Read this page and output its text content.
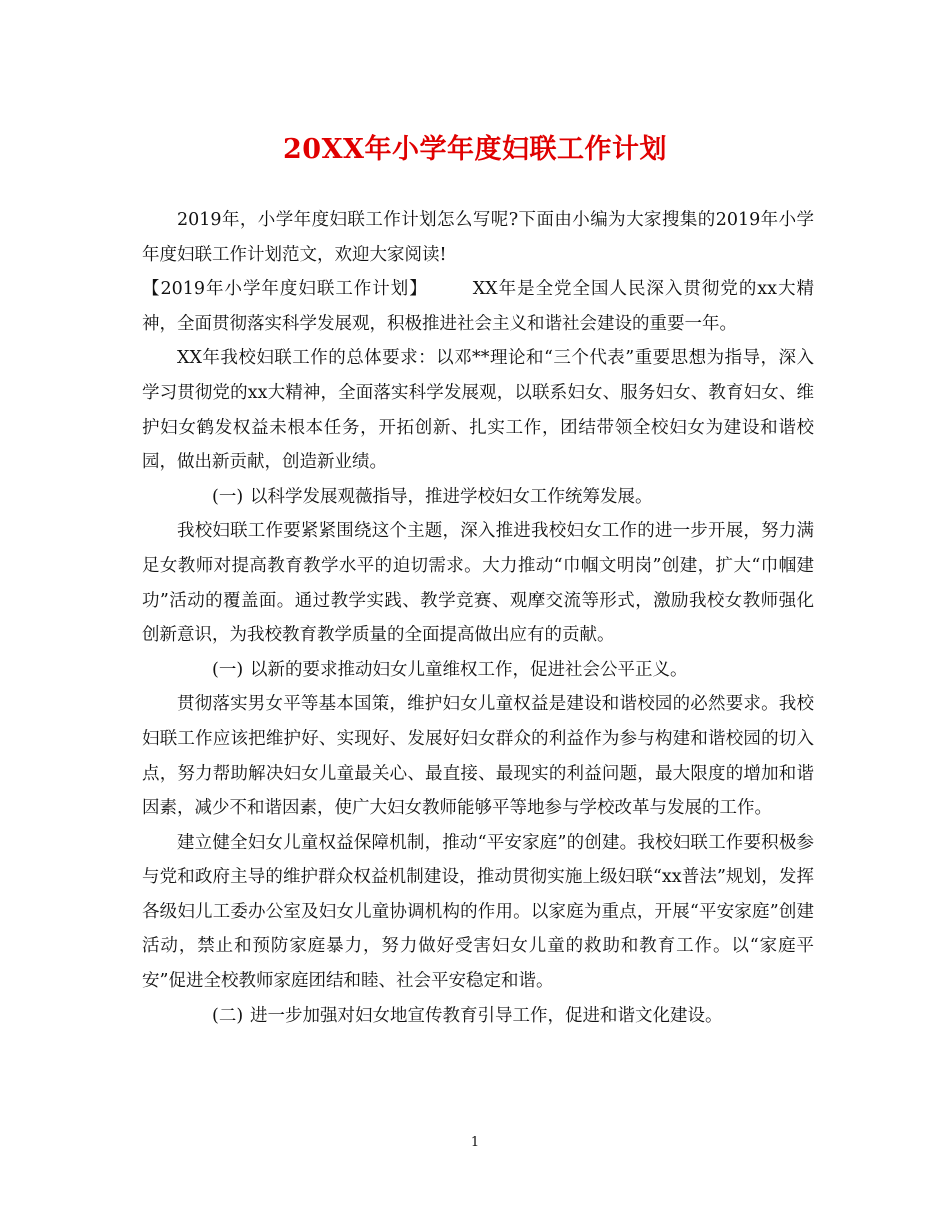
20XX年小学年度妇联工作计划

2019年，小学年度妇联工作计划怎么写呢?下面由小编为大家搜集的2019年小学年度妇联工作计划范文，欢迎大家阅读!

【2019年小学年度妇联工作计划】	XX年是全党全国人民深入贯彻党的xx大精神，全面贯彻落实科学发展观，积极推进社会主义和谐社会建设的重要一年。

XX年我校妇联工作的总体要求：以邓**理论和“三个代表”重要思想为指导，深入学习贯彻党的xx大精神，全面落实科学发展观，以联系妇女、服务妇女、教育妇女、维护妇女鹤发权益未根本任务，开拓创新、扎实工作，团结带领全校妇女为建设和谐校园，做出新贡献，创造新业绩。

(一) 以科学发展观薇指导，推进学校妇女工作统筹发展。

我校妇联工作要紧紧围绕这个主题，深入推进我校妇女工作的进一步开展，努力满足女教师对提高教育教学水平的迫切需求。大力推动“巾帼文明岗”创建，扩大“巾帼建功”活动的覆盖面。通过教学实践、教学竞赛、观摩交流等形式，激励我校女教师强化创新意识，为我校教育教学质量的全面提高做出应有的贡献。

(一) 以新的要求推动妇女儿童维权工作，促进社会公平正义。

贯彻落实男女平等基本国策，维护妇女儿童权益是建设和谐校园的必然要求。我校妇联工作应该把维护好、实现好、发展好妇女群众的利益作为参与构建和谐校园的切入点，努力帮助解决妇女儿童最关心、最直接、最现实的利益问题，最大限度的增加和谐因素，减少不和谐因素，使广大妇女教师能够平等地参与学校改革与发展的工作。

建立健全妇女儿童权益保障机制，推动“平安家庭”的创建。我校妇联工作要积极参与党和政府主导的维护群众权益机制建设，推动贯彻实施上级妇联“xx普法”规划，发挥各级妇儿工委办公室及妇女儿童协调机构的作用。以家庭为重点，开展“平安家庭”创建活动，禁止和预防家庭暴力，努力做好受害妇女儿童的救助和教育工作。以“家庭平安”促进全校教师家庭团结和睦、社会平安稳定和谐。

(二) 进一步加强对妇女地宣传教育引导工作，促进和谐文化建设。

1
